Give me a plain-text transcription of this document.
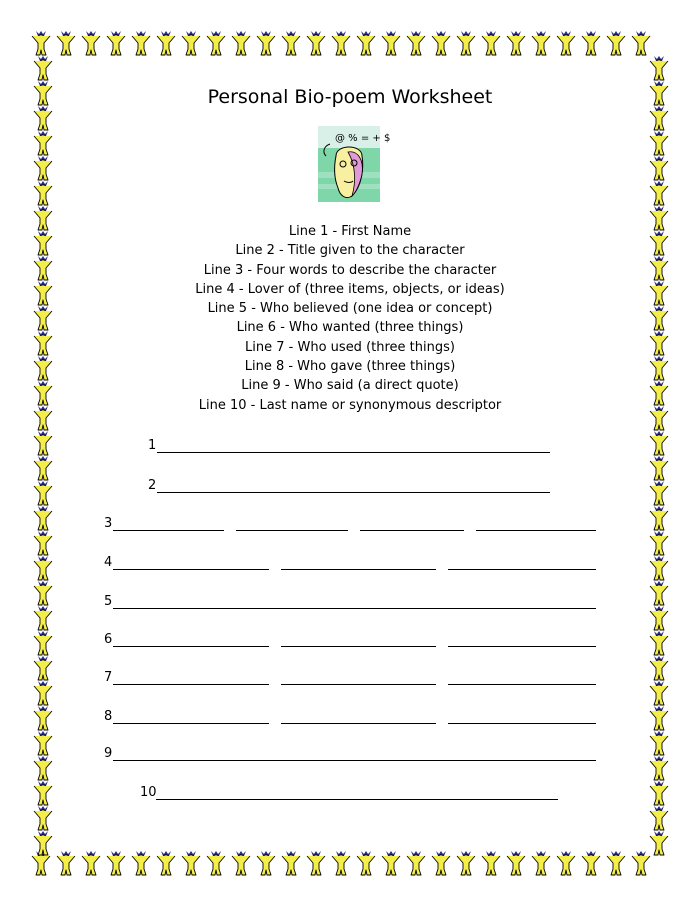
Personal Bio-poem Worksheet
@ % = + $
Line 1 - First Name
Line 2 - Title given to the character
Line 3 - Four words to describe the character
Line 4 - Lover of (three items, objects, or ideas)
Line 5 - Who believed (one idea or concept)
Line 6 - Who wanted (three things)
Line 7 - Who used (three things)
Line 8 - Who gave (three things)
Line 9 - Who said (a direct quote)
Line 10 - Last name or synonymous descriptor
1
2
3
4
5
6
7
8
9
10
